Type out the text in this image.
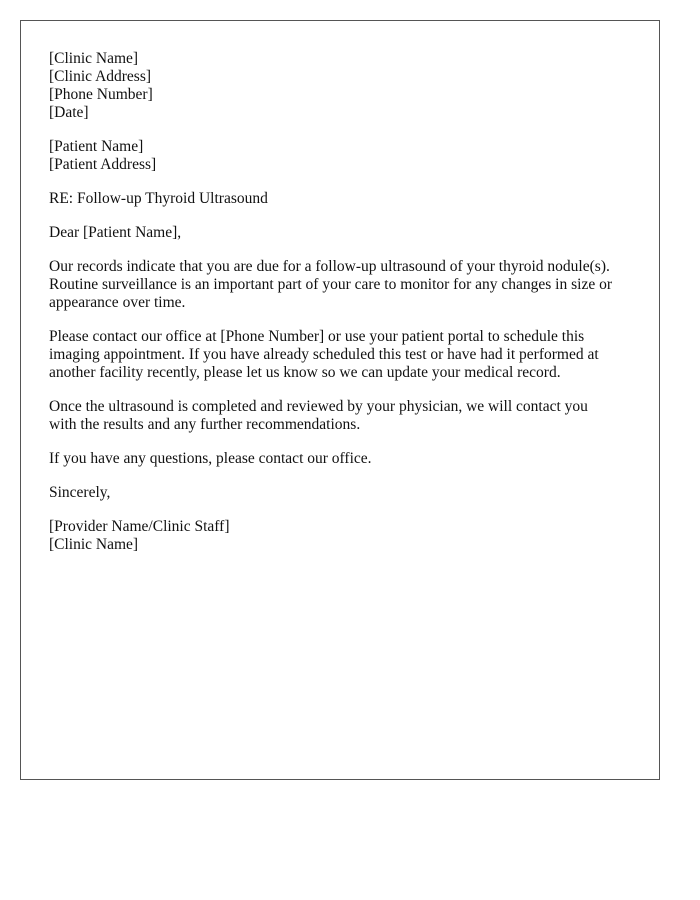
[Clinic Name]
[Clinic Address]
[Phone Number]
[Date]
[Patient Name]
[Patient Address]
RE: Follow-up Thyroid Ultrasound
Dear [Patient Name],
Our records indicate that you are due for a follow-up ultrasound of your thyroid nodule(s).
Routine surveillance is an important part of your care to monitor for any changes in size or
appearance over time.
Please contact our office at [Phone Number] or use your patient portal to schedule this
imaging appointment. If you have already scheduled this test or have had it performed at
another facility recently, please let us know so we can update your medical record.
Once the ultrasound is completed and reviewed by your physician, we will contact you
with the results and any further recommendations.
If you have any questions, please contact our office.
Sincerely,
[Provider Name/Clinic Staff]
[Clinic Name]
